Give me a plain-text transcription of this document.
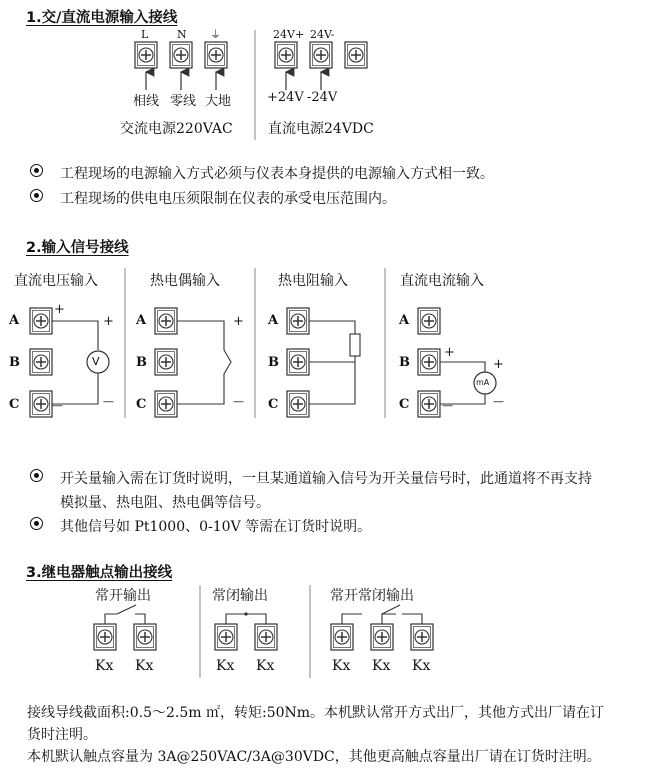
1.交/直流电源输入接线
L	N ⏚
相线 零线 大地
交流电源220VAC
24V+ 24V-
+24V -24V
直流电源24VDC
工程现场的电源输入方式必须与仪表本身提供的电源输入方式相一致。
工程现场的供电电压须限制在仪表的承受电压范围内。
2.输入信号接线
直流电压输入	热电偶输入	热电阻输入	直流电流输入
A
B
C
A
B
C
A
B
C
A
B
C
+
+
—	—
V
+
—
+
+
—	—
mA
开关量输入需在订货时说明，一旦某通道输入信号为开关量信号时，此通道将不再支持
模拟量、热电阻、热电偶等信号。
其他信号如 Pt1000、0-10V 等需在订货时说明。
3.继电器触点输出接线
常开输出	常闭输出	常开常闭输出
Kx Kx	Kx Kx	Kx Kx Kx
接线导线截面积:0.5～2.5m ㎡，转矩:50Nm。本机默认常开方式出厂，其他方式出厂请在订
货时注明。
本机默认触点容量为 3A@250VAC/3A@30VDC，其他更高触点容量出厂请在订货时注明。
